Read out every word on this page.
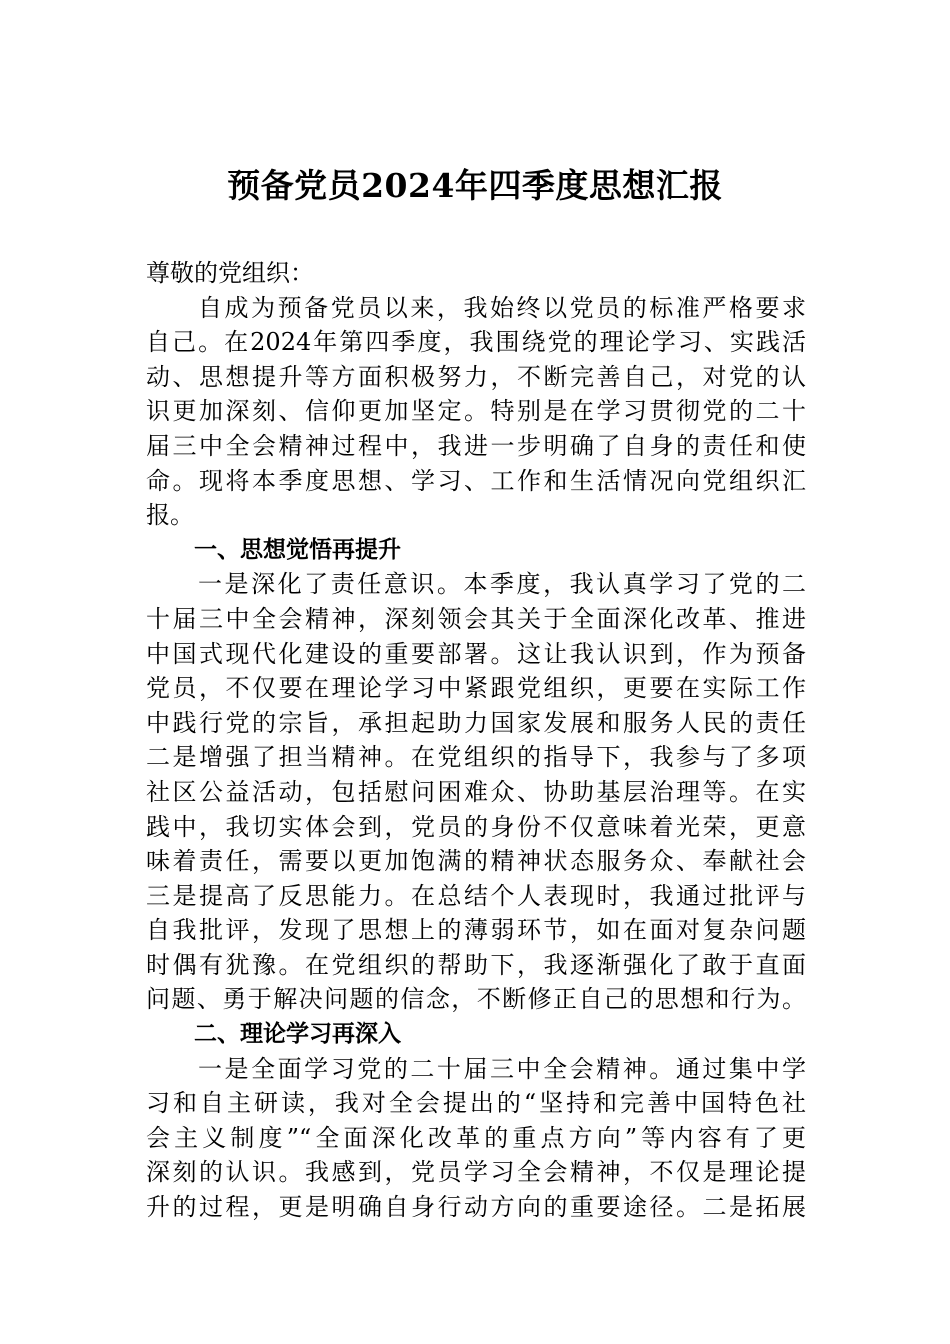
预备党员2024年四季度思想汇报
尊敬的党组织：
自成为预备党员以来，我始终以党员的标准严格要求
自己。在2024年第四季度，我围绕党的理论学习、实践活
动、思想提升等方面积极努力，不断完善自己，对党的认
识更加深刻、信仰更加坚定。特别是在学习贯彻党的二十
届三中全会精神过程中，我进一步明确了自身的责任和使
命。现将本季度思想、学习、工作和生活情况向党组织汇
报。
一、思想觉悟再提升
一是深化了责任意识。本季度，我认真学习了党的二
十届三中全会精神，深刻领会其关于全面深化改革、推进
中国式现代化建设的重要部署。这让我认识到，作为预备
党员，不仅要在理论学习中紧跟党组织，更要在实际工作
中践行党的宗旨，承担起助力国家发展和服务人民的责任
二是增强了担当精神。在党组织的指导下，我参与了多项
社区公益活动，包括慰问困难众、协助基层治理等。在实
践中，我切实体会到，党员的身份不仅意味着光荣，更意
味着责任，需要以更加饱满的精神状态服务众、奉献社会
三是提高了反思能力。在总结个人表现时，我通过批评与
自我批评，发现了思想上的薄弱环节，如在面对复杂问题
时偶有犹豫。在党组织的帮助下，我逐渐强化了敢于直面
问题、勇于解决问题的信念，不断修正自己的思想和行为。
二、理论学习再深入
一是全面学习党的二十届三中全会精神。通过集中学
习和自主研读，我对全会提出的“坚持和完善中国特色社
会主义制度”“全面深化改革的重点方向”等内容有了更
深刻的认识。我感到，党员学习全会精神，不仅是理论提
升的过程，更是明确自身行动方向的重要途径。二是拓展
